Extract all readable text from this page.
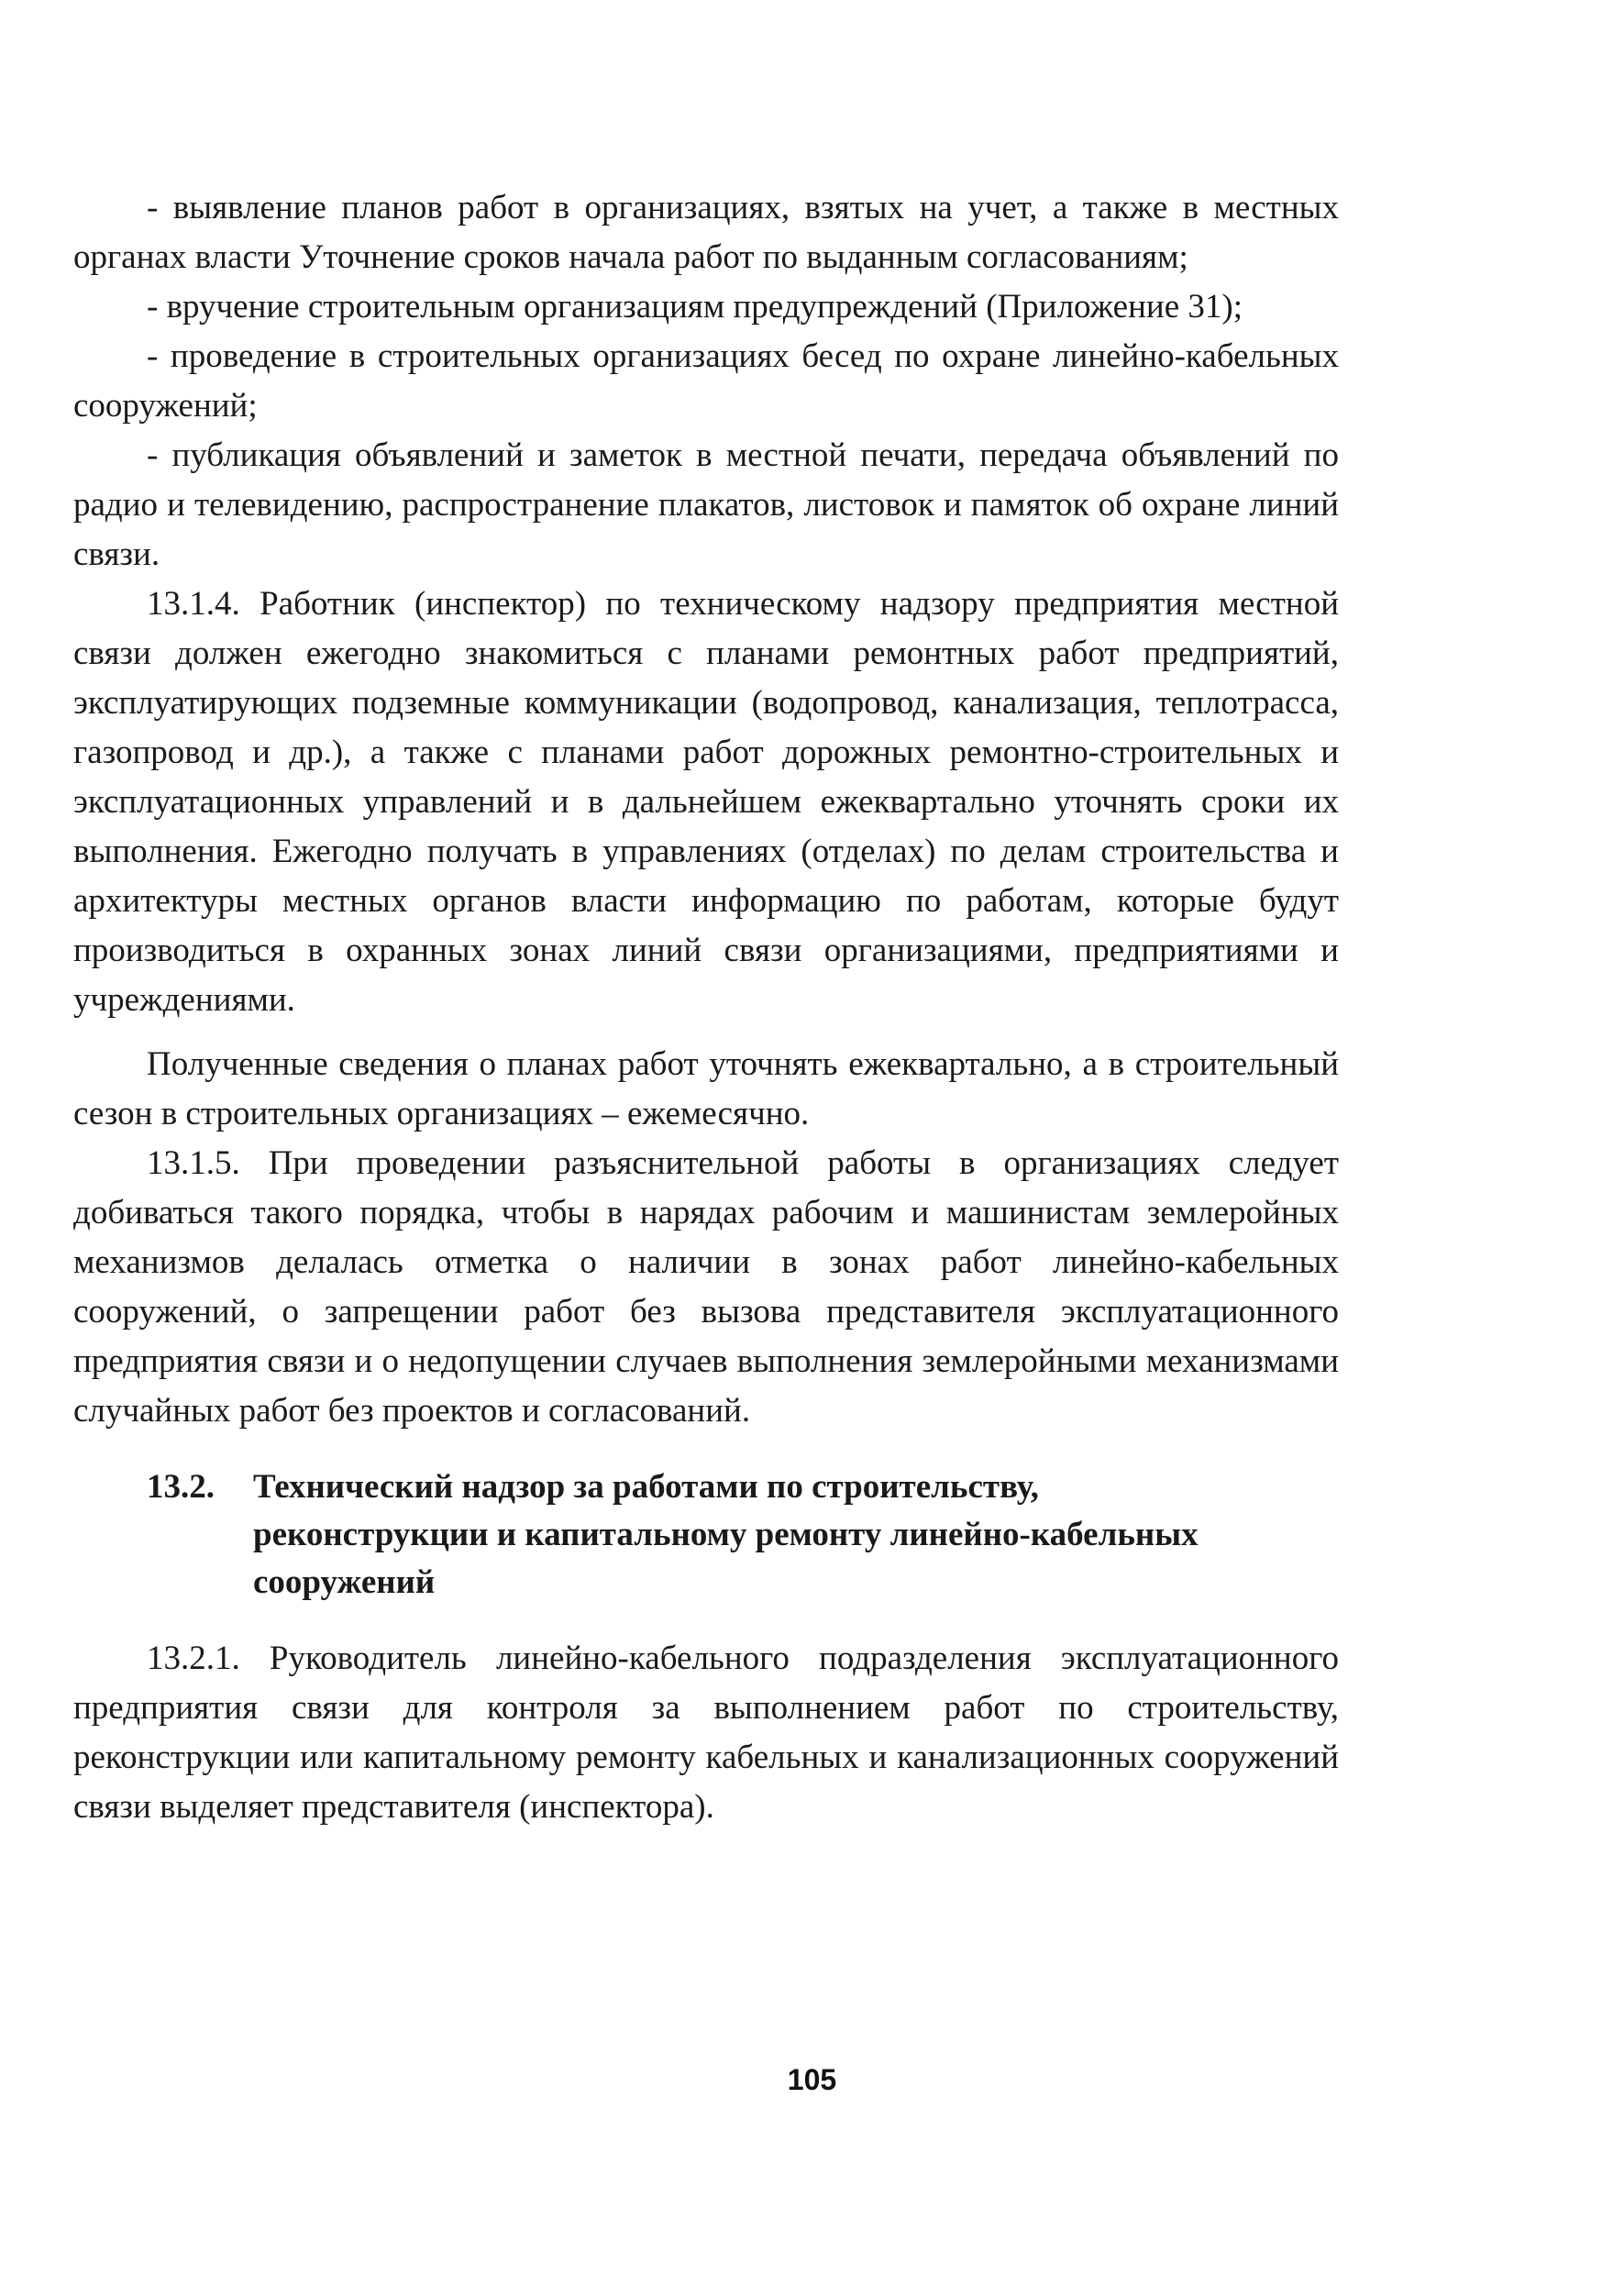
- выявление планов работ в организациях, взятых на учет, а также в местных органах власти Уточнение сроков начала работ по выданным согласованиям;

- вручение строительным организациям предупреждений (Приложение 31);

- проведение в строительных организациях бесед по охране линейно-кабельных сооружений;

- публикация объявлений и заметок в местной печати, передача объявлений по радио и телевидению, распространение плакатов, листовок и памяток об охране линий связи.

13.1.4. Работник (инспектор) по техническому надзору предприятия местной связи должен ежегодно знакомиться с планами ремонтных работ предприятий, эксплуатирующих подземные коммуникации (водопровод, канализация, теплотрасса, газопровод и др.), а также с планами работ дорожных ремонтно-строительных и эксплуатационных управлений и в дальнейшем ежеквартально уточнять сроки их выполнения. Ежегодно получать в управлениях (отделах) по делам строительства и архитектуры местных органов власти информацию по работам, которые будут производиться в охранных зонах линий связи организациями, предприятиями и учреждениями.

Полученные сведения о планах работ уточнять ежеквартально, а в строительный сезон в строительных организациях – ежемесячно.

13.1.5. При проведении разъяснительной работы в организациях следует добиваться такого порядка, чтобы в нарядах рабочим и машинистам землеройных механизмов делалась отметка о наличии в зонах работ линейно-кабельных сооружений, о запрещении работ без вызова представителя эксплуатационного предприятия связи и о недопущении случаев выполнения землеройными механизмами случайных работ без проектов и согласований.

13.2.	Технический надзор за работами по строительству, реконструкции и капитальному ремонту линейно-кабельных сооружений

13.2.1. Руководитель линейно-кабельного подразделения эксплуатационного предприятия связи для контроля за выполнением работ по строительству, реконструкции или капитальному ремонту кабельных и канализационных сооружений связи выделяет представителя (инспектора).

105
